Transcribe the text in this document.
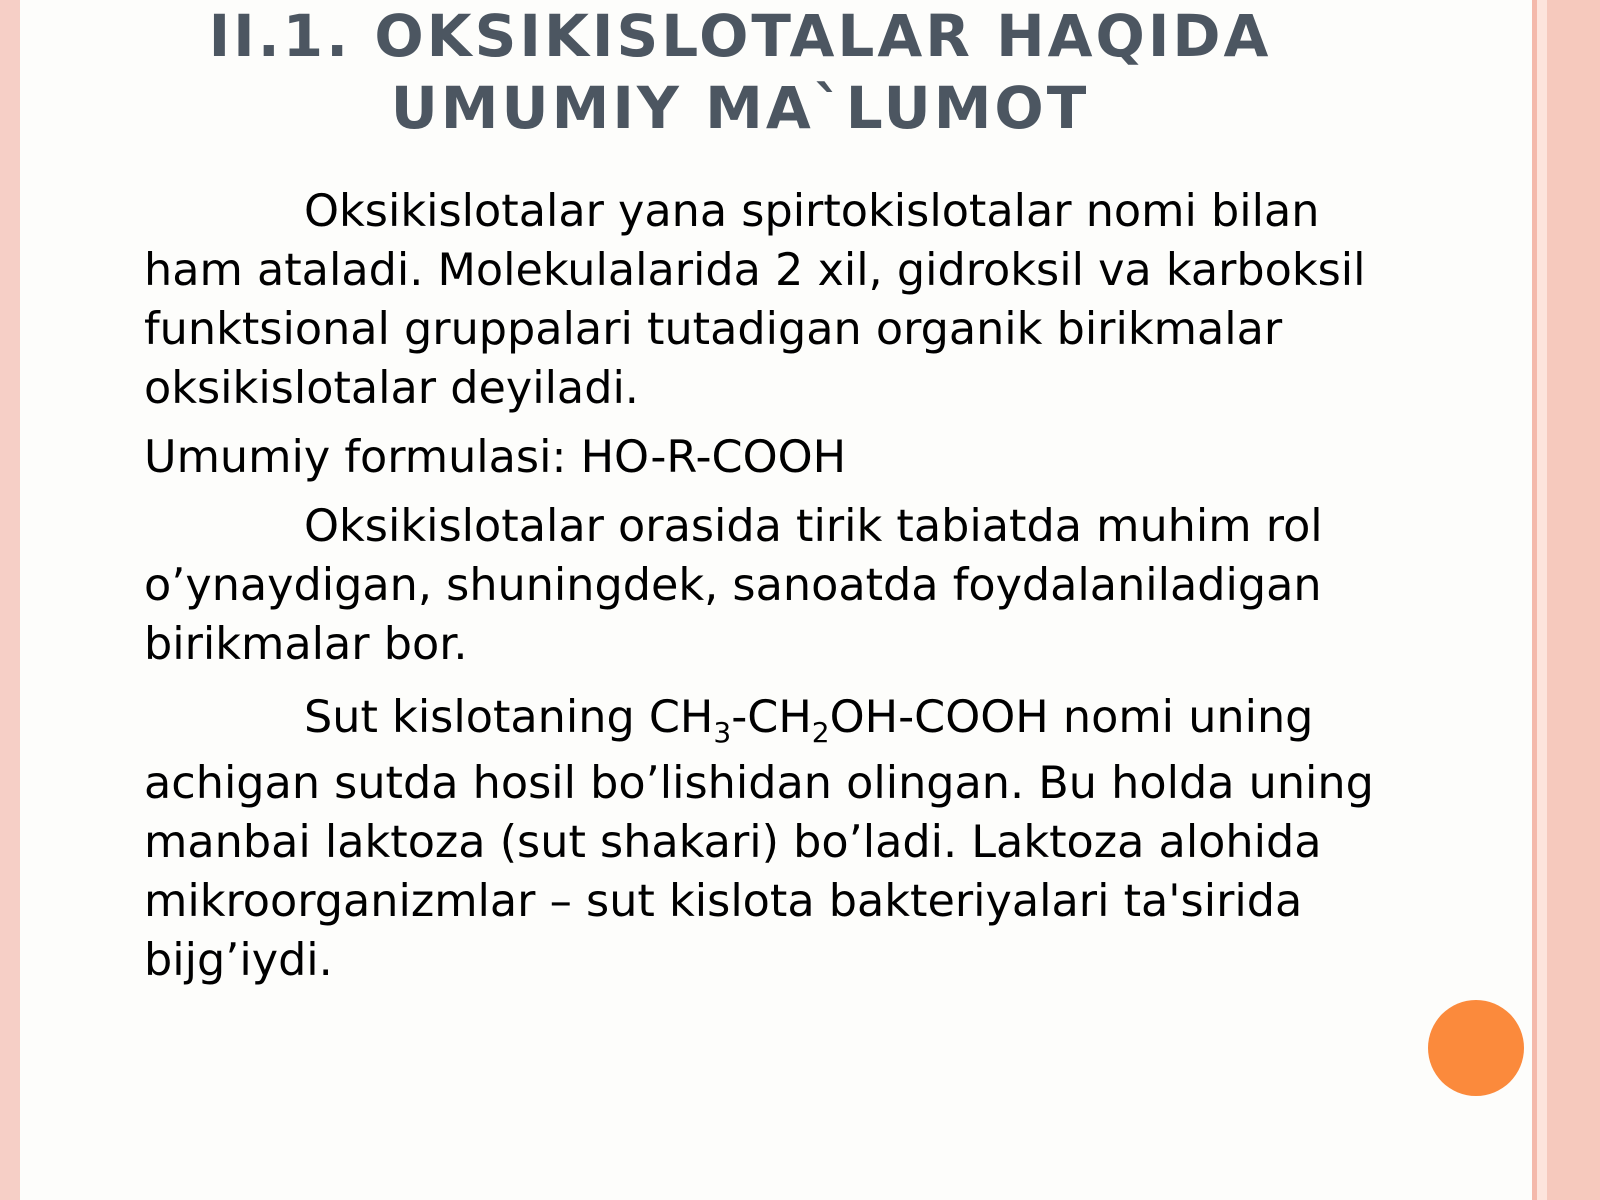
II.1. OKSIKISLOTALAR HAQIDA
UMUMIY MA`LUMOT

Oksikislotalar yana spirtokislotalar nomi bilan ham ataladi. Molekulalarida 2 xil, gidroksil va karboksil funktsional gruppalari tutadigan organik birikmalar oksikislotalar deyiladi.

Umumiy formulasi: HO-R-COOH

Oksikislotalar orasida tirik tabiatda muhim rol o’ynaydigan, shuningdek, sanoatda foydalaniladigan birikmalar bor.

Sut kislotaning $CH_3-CH_2OH$-COOH nomi uning
achigan sutda hosil bo’lishidan olingan. Bu holda uning manbai laktoza (sut shakari) bo’ladi. Laktoza alohida mikroorganizmlar – sut kislota bakteriyalari ta'sirida bijg’iydi.
